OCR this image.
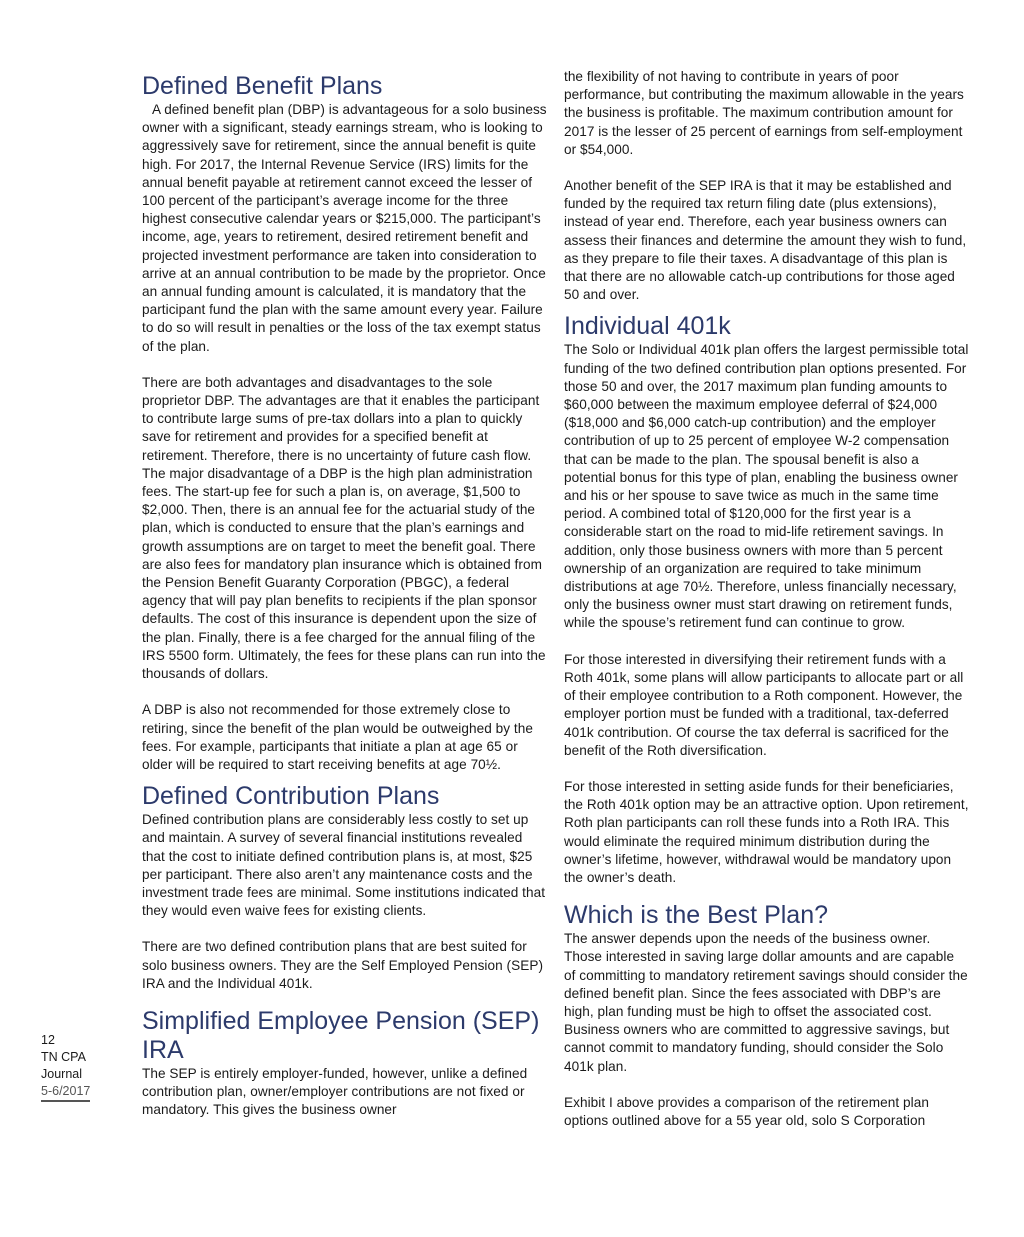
12
TN CPA
Journal
5-6/2017
Defined Benefit Plans

A defined benefit plan (DBP) is advantageous for a solo business owner with a significant, steady earnings stream, who is looking to aggressively save for retirement, since the annual benefit is quite high. For 2017, the Internal Revenue Service (IRS) limits for the annual benefit payable at retirement cannot exceed the lesser of 100 percent of the participant’s average income for the three highest consecutive calendar years or $215,000. The participant’s income, age, years to retirement, desired retirement benefit and projected investment performance are taken into consideration to arrive at an annual contribution to be made by the proprietor. Once an annual funding amount is calculated, it is mandatory that the participant fund the plan with the same amount every year. Failure to do so will result in penalties or the loss of the tax exempt status of the plan.

There are both advantages and disadvantages to the sole proprietor DBP. The advantages are that it enables the participant to contribute large sums of pre-tax dollars into a plan to quickly save for retirement and provides for a specified benefit at retirement. Therefore, there is no uncertainty of future cash flow. The major disadvantage of a DBP is the high plan administration fees. The start-up fee for such a plan is, on average, $1,500 to $2,000. Then, there is an annual fee for the actuarial study of the plan, which is conducted to ensure that the plan’s earnings and growth assumptions are on target to meet the benefit goal. There are also fees for mandatory plan insurance which is obtained from the Pension Benefit Guaranty Corporation (PBGC), a federal agency that will pay plan benefits to recipients if the plan sponsor defaults. The cost of this insurance is dependent upon the size of the plan. Finally, there is a fee charged for the annual filing of the IRS 5500 form. Ultimately, the fees for these plans can run into the thousands of dollars.

A DBP is also not recommended for those extremely close to retiring, since the benefit of the plan would be outweighed by the fees. For example, participants that initiate a plan at age 65 or older will be required to start receiving benefits at age 70½.

Defined Contribution Plans

Defined contribution plans are considerably less costly to set up and maintain. A survey of several financial institutions revealed that the cost to initiate defined contribution plans is, at most, $25 per participant. There also aren’t any maintenance costs and the investment trade fees are minimal. Some institutions indicated that they would even waive fees for existing clients.

There are two defined contribution plans that are best suited for solo business owners. They are the Self Employed Pension (SEP) IRA and the Individual 401k.

Simplified Employee Pension (SEP) IRA

The SEP is entirely employer-funded, however, unlike a defined contribution plan, owner/employer contributions are not fixed or mandatory. This gives the business owner

the flexibility of not having to contribute in years of poor performance, but contributing the maximum allowable in the years the business is profitable. The maximum contribution amount for 2017 is the lesser of 25 percent of earnings from self-employment or $54,000.

Another benefit of the SEP IRA is that it may be established and funded by the required tax return filing date (plus extensions), instead of year end. Therefore, each year business owners can assess their finances and determine the amount they wish to fund, as they prepare to file their taxes. A disadvantage of this plan is that there are no allowable catch-up contributions for those aged 50 and over.

Individual 401k

The Solo or Individual 401k plan offers the largest permissible total funding of the two defined contribution plan options presented. For those 50 and over, the 2017 maximum plan funding amounts to $60,000 between the maximum employee deferral of $24,000 ($18,000 and $6,000 catch-up contribution) and the employer contribution of up to 25 percent of employee W-2 compensation that can be made to the plan. The spousal benefit is also a potential bonus for this type of plan, enabling the business owner and his or her spouse to save twice as much in the same time period. A combined total of $120,000 for the first year is a considerable start on the road to mid-life retirement savings. In addition, only those business owners with more than 5 percent ownership of an organization are required to take minimum distributions at age 70½. Therefore, unless financially necessary, only the business owner must start drawing on retirement funds, while the spouse’s retirement fund can continue to grow.

For those interested in diversifying their retirement funds with a Roth 401k, some plans will allow participants to allocate part or all of their employee contribution to a Roth component. However, the employer portion must be funded with a traditional, tax-deferred 401k contribution. Of course the tax deferral is sacrificed for the benefit of the Roth diversification.

For those interested in setting aside funds for their beneficiaries, the Roth 401k option may be an attractive option. Upon retirement, Roth plan participants can roll these funds into a Roth IRA. This would eliminate the required minimum distribution during the owner’s lifetime, however, withdrawal would be mandatory upon the owner’s death.

Which is the Best Plan?

The answer depends upon the needs of the business owner. Those interested in saving large dollar amounts and are capable of committing to mandatory retirement savings should consider the defined benefit plan. Since the fees associated with DBP’s are high, plan funding must be high to offset the associated cost. Business owners who are committed to aggressive savings, but cannot commit to mandatory funding, should consider the Solo 401k plan.

Exhibit I above provides a comparison of the retirement plan options outlined above for a 55 year old, solo S Corporation
